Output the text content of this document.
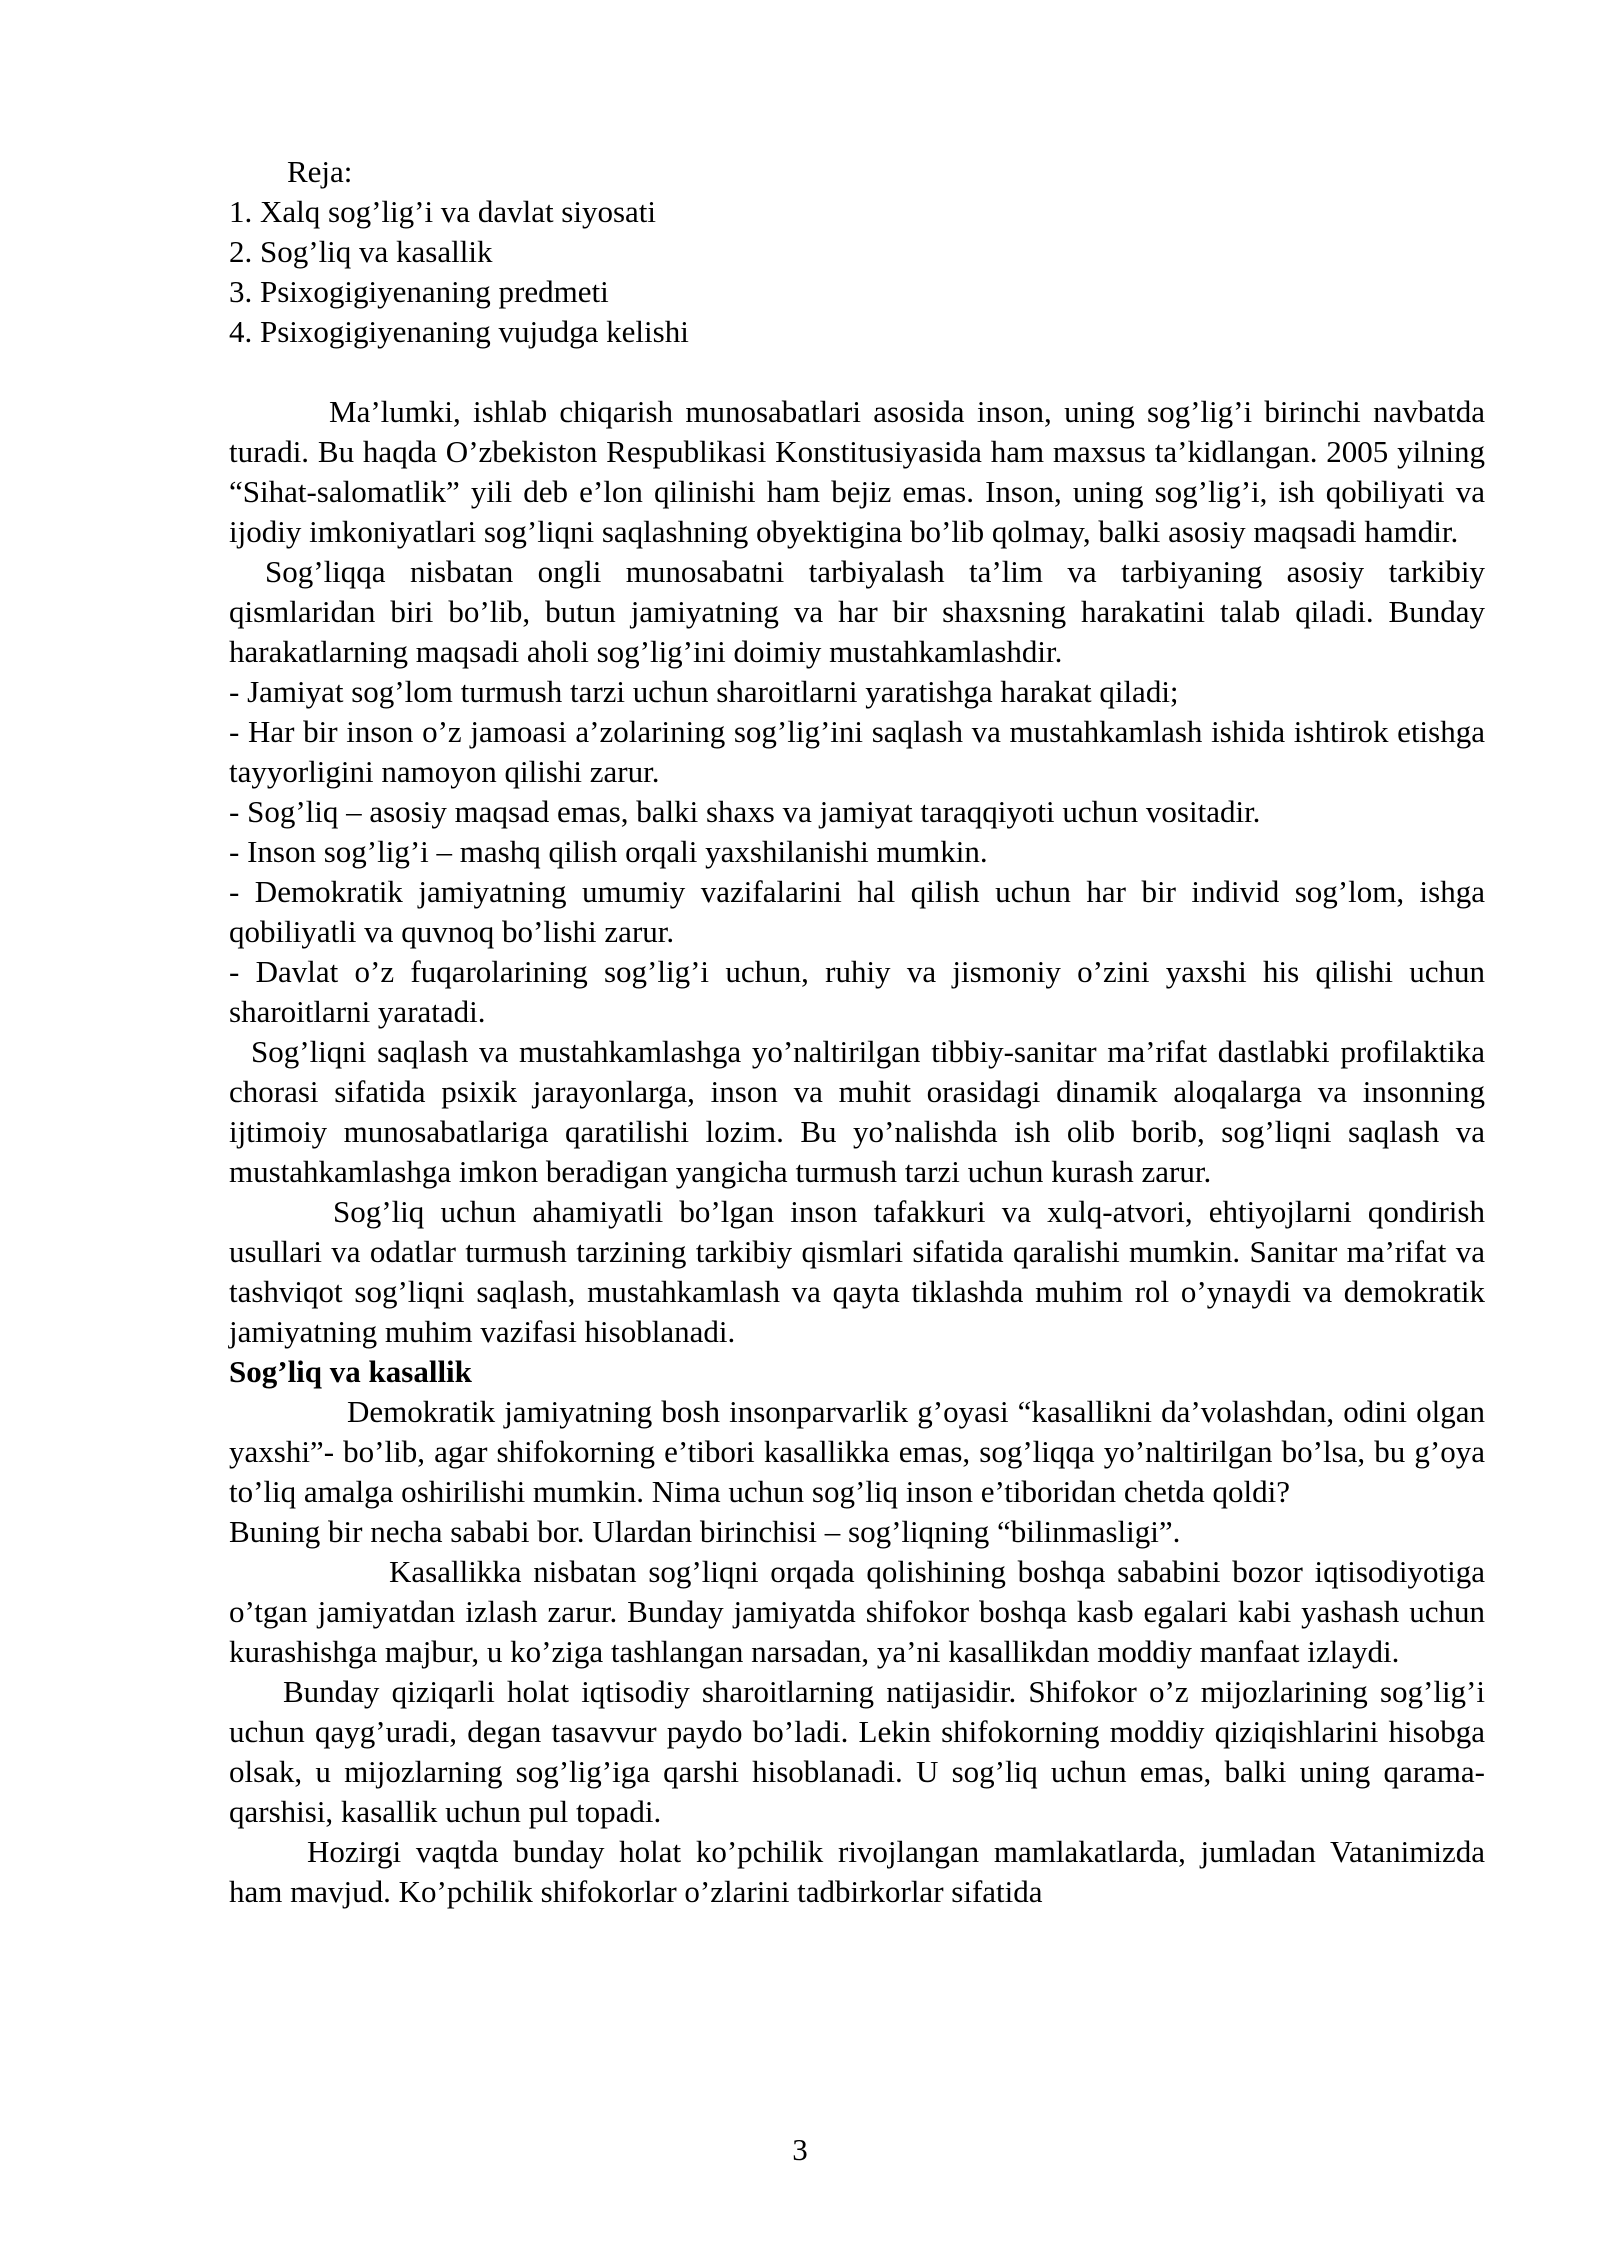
Reja:

1. Xalq sog’lig’i va davlat siyosati
2. Sog’liq va kasallik
3. Psixogigiyenaning predmeti
4. Psixogigiyenaning vujudga kelishi

Ma’lumki, ishlab chiqarish munosabatlari asosida inson, uning sog’lig’i birinchi navbatda turadi. Bu haqda O’zbekiston Respublikasi Konstitusiyasida ham maxsus ta’kidlangan. 2005 yilning “Sihat-salomatlik” yili deb e’lon qilinishi ham bejiz emas. Inson, uning sog’lig’i, ish qobiliyati va ijodiy imkoniyatlari sog’liqni saqlashning obyektigina bo’lib qolmay, balki asosiy maqsadi hamdir.

Sog’liqqa nisbatan ongli munosabatni tarbiyalash ta’lim va tarbiyaning asosiy tarkibiy qismlaridan biri bo’lib, butun jamiyatning va har bir shaxsning harakatini talab qiladi. Bunday harakatlarning maqsadi aholi sog’lig’ini doimiy mustahkamlashdir.

- Jamiyat sog’lom turmush tarzi uchun sharoitlarni yaratishga harakat qiladi;

- Har bir inson o’z jamoasi a’zolarining sog’lig’ini saqlash va mustahkamlash ishida ishtirok etishga tayyorligini namoyon qilishi zarur.

- Sog’liq – asosiy maqsad emas, balki shaxs va jamiyat taraqqiyoti uchun vositadir.

- Inson sog’lig’i – mashq qilish orqali yaxshilanishi mumkin.

- Demokratik jamiyatning umumiy vazifalarini hal qilish uchun har bir individ sog’lom, ishga qobiliyatli va quvnoq bo’lishi zarur.

- Davlat o’z fuqarolarining sog’lig’i uchun, ruhiy va jismoniy o’zini yaxshi his qilishi uchun sharoitlarni yaratadi.

Sog’liqni saqlash va mustahkamlashga yo’naltirilgan tibbiy-sanitar ma’rifat dastlabki profilaktika chorasi sifatida psixik jarayonlarga, inson va muhit orasidagi dinamik aloqalarga va insonning ijtimoiy munosabatlariga qaratilishi lozim. Bu yo’nalishda ish olib borib, sog’liqni saqlash va mustahkamlashga imkon beradigan yangicha turmush tarzi uchun kurash zarur.

Sog’liq uchun ahamiyatli bo’lgan inson tafakkuri va xulq-atvori, ehtiyojlarni qondirish usullari va odatlar turmush tarzining tarkibiy qismlari sifatida qaralishi mumkin. Sanitar ma’rifat va tashviqot sog’liqni saqlash, mustahkamlash va qayta tiklashda muhim rol o’ynaydi va demokratik jamiyatning muhim vazifasi hisoblanadi.

Sog’liq va kasallik

Demokratik jamiyatning bosh insonparvarlik g’oyasi “kasallikni da’volashdan, odini olgan yaxshi”- bo’lib, agar shifokorning e’tibori kasallikka emas, sog’liqqa yo’naltirilgan bo’lsa, bu g’oya to’liq amalga oshirilishi mumkin. Nima uchun sog’liq inson e’tiboridan chetda qoldi?

Buning bir necha sababi bor. Ulardan birinchisi – sog’liqning “bilinmasligi”.

Kasallikka nisbatan sog’liqni orqada qolishining boshqa sababini bozor iqtisodiyotiga o’tgan jamiyatdan izlash zarur. Bunday jamiyatda shifokor boshqa kasb egalari kabi yashash uchun kurashishga majbur, u ko’ziga tashlangan narsadan, ya’ni kasallikdan moddiy manfaat izlaydi.

Bunday qiziqarli holat iqtisodiy sharoitlarning natijasidir. Shifokor o’z mijozlarining sog’lig’i uchun qayg’uradi, degan tasavvur paydo bo’ladi. Lekin shifokorning moddiy qiziqishlarini hisobga olsak, u mijozlarning sog’lig’iga qarshi hisoblanadi. U sog’liq uchun emas, balki uning qarama-qarshisi, kasallik uchun pul topadi.

Hozirgi vaqtda bunday holat ko’pchilik rivojlangan mamlakatlarda, jumladan Vatanimizda ham mavjud. Ko’pchilik shifokorlar o’zlarini tadbirkorlar sifatida

3
